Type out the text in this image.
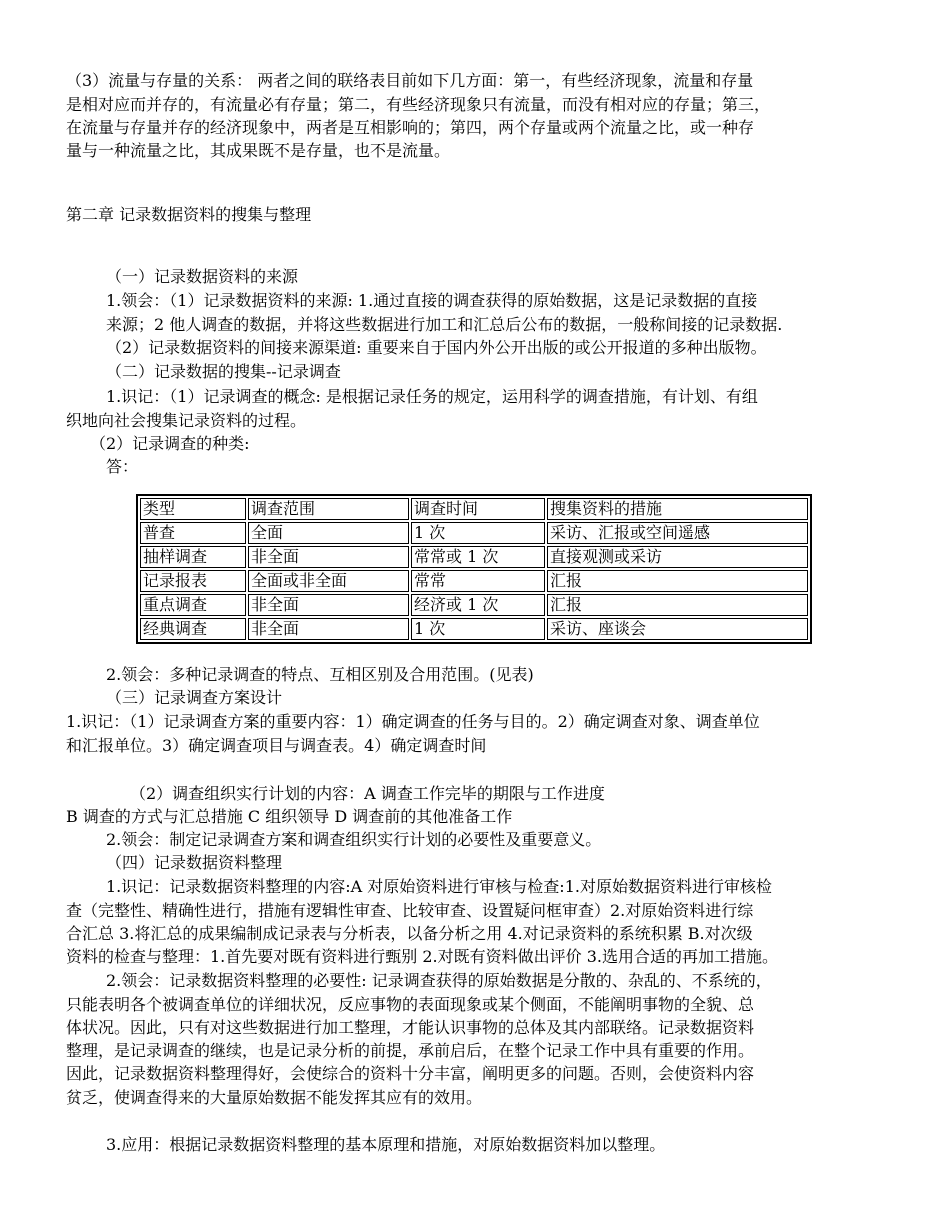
（3）流量与存量的关系： 两者之间的联络表目前如下几方面：第一，有些经济现象，流量和存量
是相对应而并存的，有流量必有存量；第二，有些经济现象只有流量，而没有相对应的存量；第三，
在流量与存量并存的经济现象中，两者是互相影响的；第四，两个存量或两个流量之比，或一种存
量与一种流量之比，其成果既不是存量，也不是流量。
第二章 记录数据资料的搜集与整理
（一）记录数据资料的来源
1.领会：（1）记录数据资料的来源: 1.通过直接的调查获得的原始数据，这是记录数据的直接
来源；2 他人调查的数据，并将这些数据进行加工和汇总后公布的数据，一般称间接的记录数据.
（2）记录数据资料的间接来源渠道: 重要来自于国内外公开出版的或公开报道的多种出版物。
（二）记录数据的搜集--记录调查
1.识记：（1）记录调查的概念: 是根据记录任务的规定，运用科学的调查措施，有计划、有组
织地向社会搜集记录资料的过程。
（2）记录调查的种类:
答：
类型	调查范围	调查时间	搜集资料的措施
普查	全面	1 次	采访、汇报或空间遥感
抽样调查	非全面	常常或 1 次	直接观测或采访
记录报表	全面或非全面	常常	汇报
重点调查	非全面	经济或 1 次	汇报
经典调查	非全面	1 次	采访、座谈会
2.领会：多种记录调查的特点、互相区别及合用范围。(见表)
（三）记录调查方案设计
1.识记：（1）记录调查方案的重要内容：1）确定调查的任务与目的。2）确定调查对象、调查单位
和汇报单位。3）确定调查项目与调查表。4）确定调查时间
（2）调查组织实行计划的内容：A 调查工作完毕的期限与工作进度
B 调查的方式与汇总措施 C 组织领导 D 调查前的其他准备工作
2.领会：制定记录调查方案和调查组织实行计划的必要性及重要意义。
（四）记录数据资料整理
1.识记：记录数据资料整理的内容:A 对原始资料进行审核与检查:1.对原始数据资料进行审核检
查（完整性、精确性进行，措施有逻辑性审查、比较审查、设置疑问框审查）2.对原始资料进行综
合汇总 3.将汇总的成果编制成记录表与分析表，以备分析之用 4.对记录资料的系统积累 B.对次级
资料的检查与整理：1.首先要对既有资料进行甄别 2.对既有资料做出评价 3.选用合适的再加工措施。
2.领会：记录数据资料整理的必要性: 记录调查获得的原始数据是分散的、杂乱的、不系统的，
只能表明各个被调查单位的详细状况，反应事物的表面现象或某个侧面，不能阐明事物的全貌、总
体状况。因此，只有对这些数据进行加工整理，才能认识事物的总体及其内部联络。记录数据资料
整理，是记录调查的继续，也是记录分析的前提，承前启后，在整个记录工作中具有重要的作用。
因此，记录数据资料整理得好，会使综合的资料十分丰富，阐明更多的问题。否则，会使资料内容
贫乏，使调查得来的大量原始数据不能发挥其应有的效用。
3.应用：根据记录数据资料整理的基本原理和措施，对原始数据资料加以整理。
